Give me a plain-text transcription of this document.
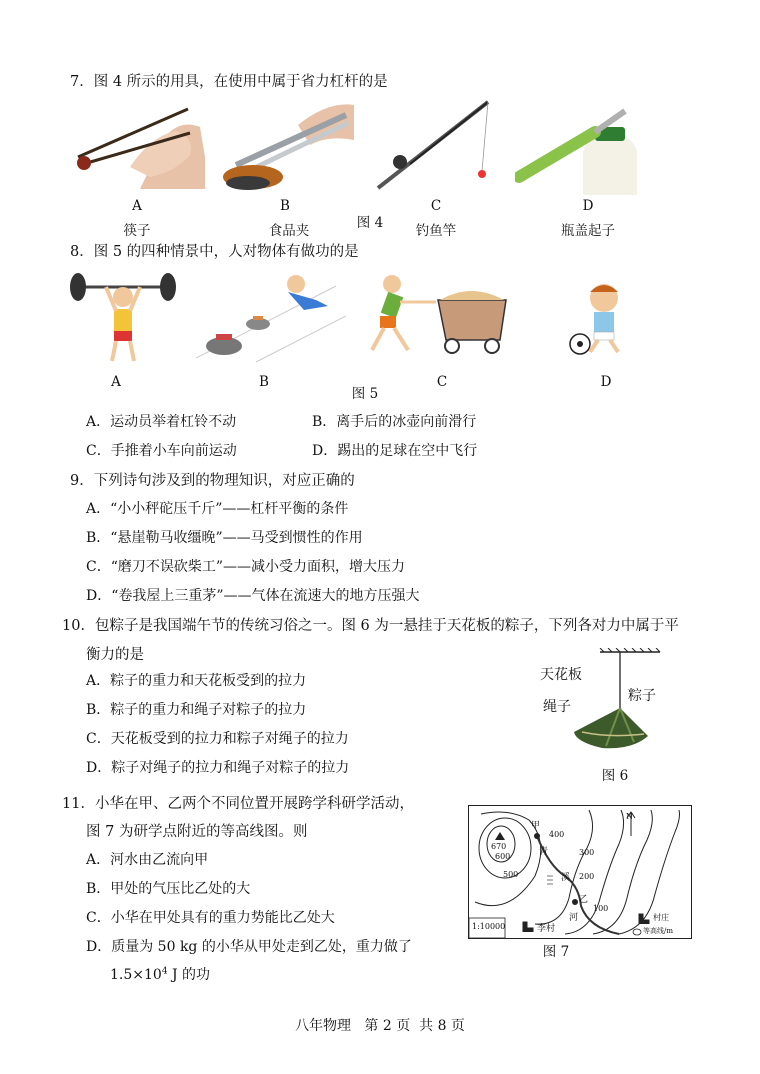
7．图 4 所示的用具，在使用中属于省力杠杆的是
A
筷子
B
食品夹	图 4
C
钓鱼竿
D
瓶盖起子
8．图 5 的四种情景中，人对物体有做功的是
A	B
图 5
C	D
A．运动员举着杠铃不动	B．离手后的冰壶向前滑行
C．手推着小车向前运动	D．踢出的足球在空中飞行
9．下列诗句涉及到的物理知识，对应正确的
A．“小小秤砣压千斤”——杠杆平衡的条件
B．“悬崖勒马收缰晚”——马受到惯性的作用
C．“磨刀不误砍柴工”——减小受力面积，增大压力
D．“卷我屋上三重茅”——气体在流速大的地方压强大
10．包粽子是我国端午节的传统习俗之一。图 6 为一悬挂于天花板的粽子，下列各对力中属于平
衡力的是
A．粽子的重力和天花板受到的拉力
B．粽子的重力和绳子对粽子的拉力
C．天花板受到的拉力和粽子对绳子的拉力
D．粽子对绳子的拉力和绳子对粽子的拉力
天花板
绳子
粽子
图 6
11．小华在甲、乙两个不同位置开展跨学科研学活动，
图 7 为研学点附近的等高线图。则
A．河水由乙流向甲
B．甲处的气压比乙处的大
C．小华在甲处具有的重力势能比乙处大
D．质量为 50 kg 的小华从甲处走到乙处，重力做了
$1.5\times 10^4$ J 的功
670
600
500
400
300
200
100
甲
乙
青
溪
河
N
1:10000	李村
村庄
等高线/m
图 7
八年物理   第 2 页  共 8 页
